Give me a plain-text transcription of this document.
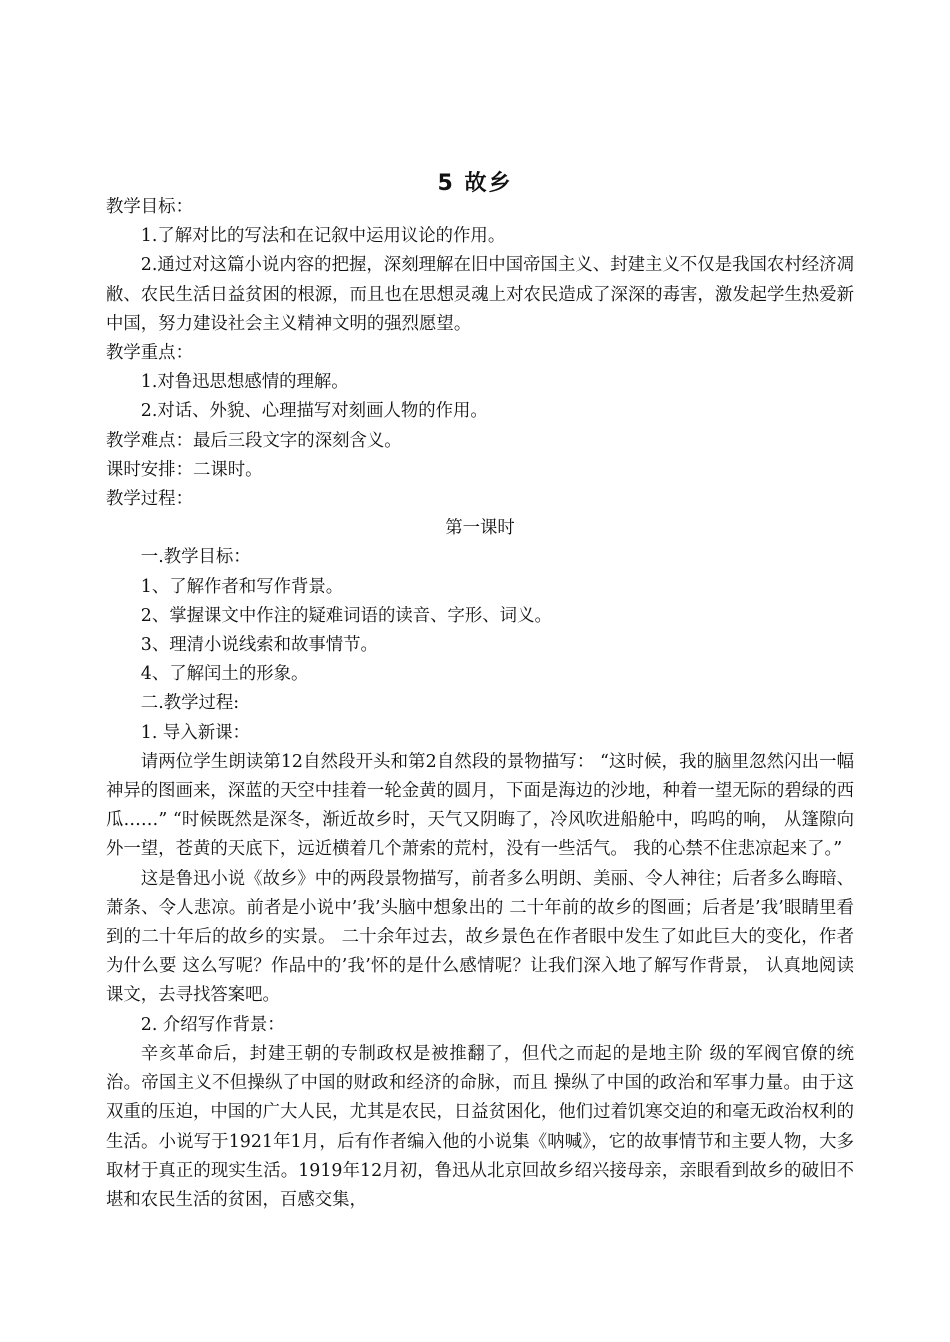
5 故乡

教学目标：

1.了解对比的写法和在记叙中运用议论的作用。

2.通过对这篇小说内容的把握，深刻理解在旧中国帝国主义、封建主义不仅是我国农村经济凋敝、农民生活日益贫困的根源，而且也在思想灵魂上对农民造成了深深的毒害，激发起学生热爱新中国，努力建设社会主义精神文明的强烈愿望。

教学重点：

1.对鲁迅思想感情的理解。

2.对话、外貌、心理描写对刻画人物的作用。

教学难点：最后三段文字的深刻含义。

课时安排：二课时。

教学过程：

第一课时

一.教学目标：

1、了解作者和写作背景。

2、掌握课文中作注的疑难词语的读音、字形、词义。

3、理清小说线索和故事情节。

4、了解闰土的形象。

二.教学过程:

1. 导入新课：

请两位学生朗读第12自然段开头和第2自然段的景物描写： “这时候，我的脑里忽然闪出一幅神异的图画来，深蓝的天空中挂着一轮金黄的圆月，下面是海边的沙地，种着一望无际的碧绿的西瓜……” “时候既然是深冬，渐近故乡时，天气又阴晦了，冷风吹进船舱中，呜呜的响， 从篷隙向外一望，苍黄的天底下，远近横着几个萧索的荒村，没有一些活气。 我的心禁不住悲凉起来了。”

这是鲁迅小说《故乡》中的两段景物描写，前者多么明朗、美丽、令人神往；后者多么晦暗、萧条、令人悲凉。前者是小说中’我’头脑中想象出的 二十年前的故乡的图画；后者是’我’眼睛里看到的二十年后的故乡的实景。 二十余年过去，故乡景色在作者眼中发生了如此巨大的变化，作者为什么要 这么写呢？作品中的’我’怀的是什么感情呢？让我们深入地了解写作背景， 认真地阅读课文，去寻找答案吧。

2. 介绍写作背景：

辛亥革命后，封建王朝的专制政权是被推翻了，但代之而起的是地主阶 级的军阀官僚的统治。帝国主义不但操纵了中国的财政和经济的命脉，而且 操纵了中国的政治和军事力量。由于这双重的压迫，中国的广大人民，尤其是农民，日益贫困化，他们过着饥寒交迫的和毫无政治权利的生活。小说写于1921年1月，后有作者编入他的小说集《呐喊》，它的故事情节和主要人物，大多取材于真正的现实生活。1919年12月初，鲁迅从北京回故乡绍兴接母亲，亲眼看到故乡的破旧不堪和农民生活的贫困，百感交集，
